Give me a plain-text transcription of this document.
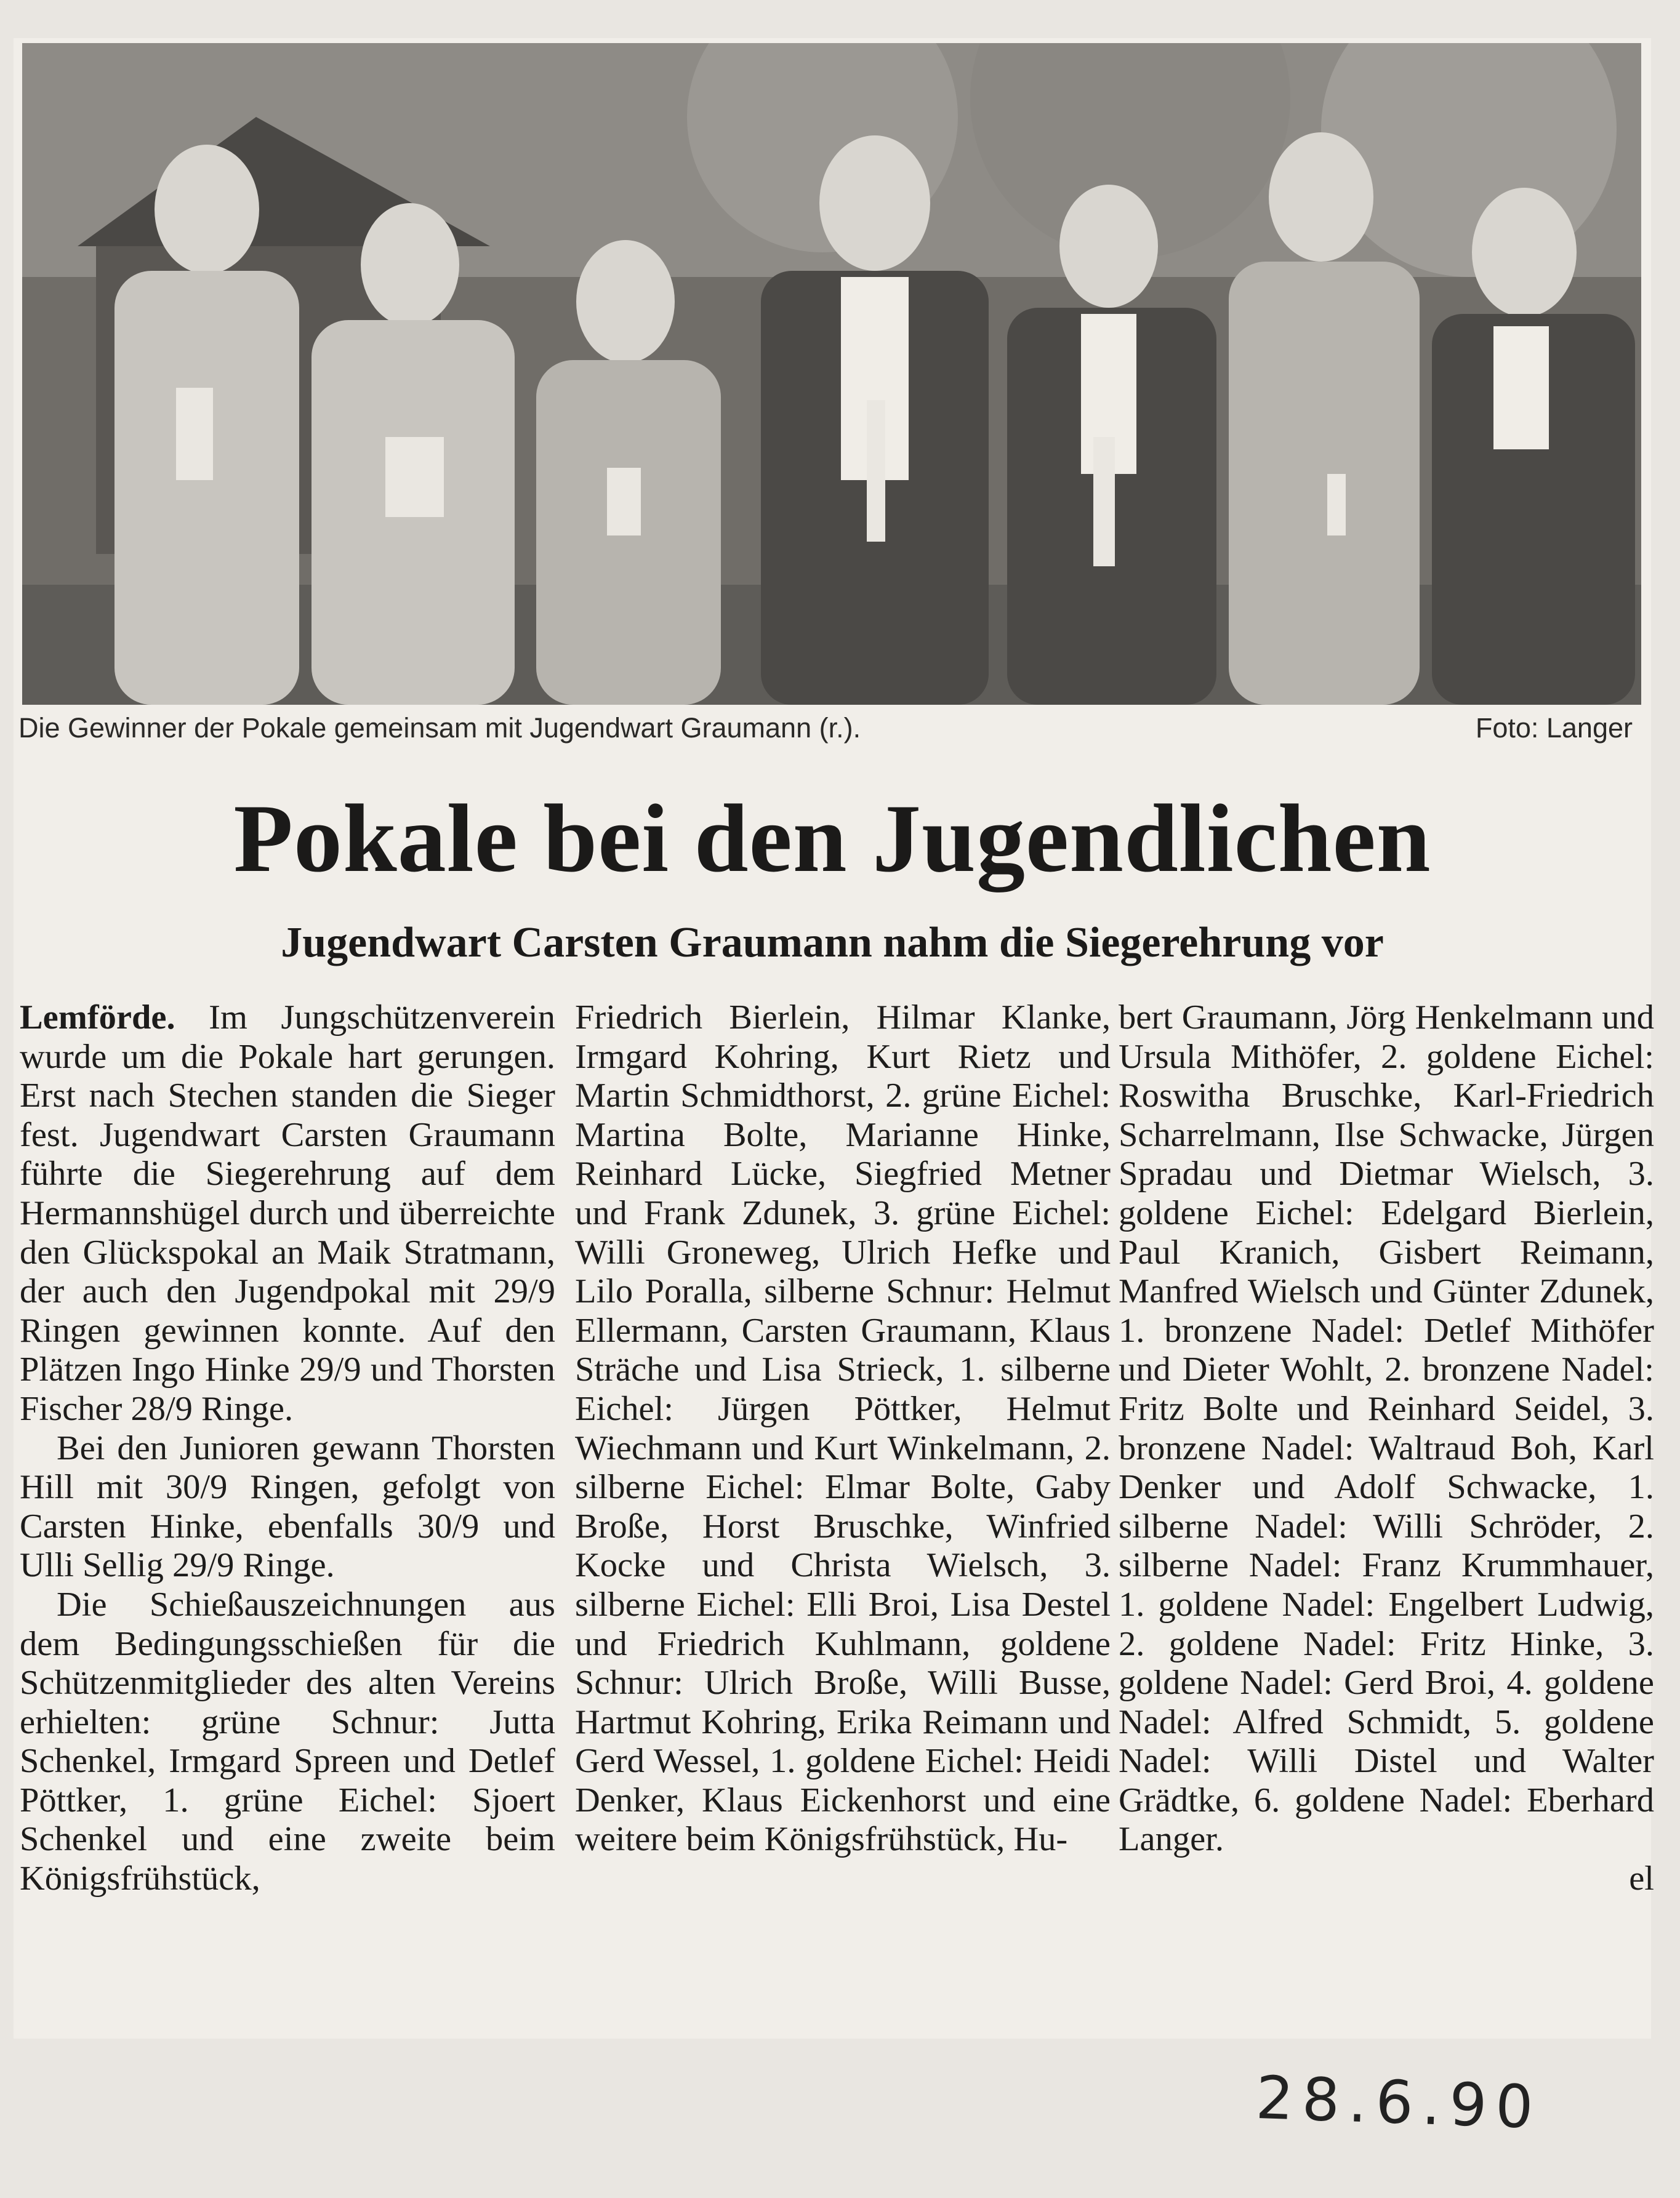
Die Gewinner der Pokale gemeinsam mit Jugendwart Graumann (r.).	Foto: Langer
Pokale bei den Jugendlichen
Jugendwart Carsten Graumann nahm die Siegerehrung vor

Lemförde. Im Jungschützenverein wurde um die Pokale hart gerungen. Erst nach Stechen standen die Sieger fest. Jugendwart Carsten Graumann führte die Siegerehrung auf dem Hermannshügel durch und überreichte den Glückspokal an Maik Stratmann, der auch den Jugendpokal mit 29/9 Ringen gewinnen konnte. Auf den Plätzen Ingo Hinke 29/9 und Thorsten Fischer 28/9 Ringe.

Bei den Junioren gewann Thorsten Hill mit 30/9 Ringen, gefolgt von Carsten Hinke, ebenfalls 30/9 und Ulli Sellig 29/9 Ringe.

Die Schießauszeichnungen aus dem Bedingungsschießen für die Schützenmitglieder des alten Vereins erhielten: grüne Schnur: Jutta Schenkel, Irmgard Spreen und Detlef Pöttker, 1. grüne Eichel: Sjoert Schenkel und eine zweite beim Königsfrühstück,

Friedrich Bierlein, Hilmar Klanke, Irmgard Kohring, Kurt Rietz und Martin Schmidthorst, 2. grüne Eichel: Martina Bolte, Marianne Hinke, Reinhard Lücke, Siegfried Metner und Frank Zdunek, 3. grüne Eichel: Willi Groneweg, Ulrich Hefke und Lilo Poralla, silberne Schnur: Helmut Ellermann, Carsten Graumann, Klaus Sträche und Lisa Strieck, 1. silberne Eichel: Jürgen Pöttker, Helmut Wiechmann und Kurt Winkelmann, 2. silberne Eichel: Elmar Bolte, Gaby Broße, Horst Bruschke, Winfried Kocke und Christa Wielsch, 3. silberne Eichel: Elli Broi, Lisa Destel und Friedrich Kuhlmann, goldene Schnur: Ulrich Broße, Willi Busse, Hartmut Kohring, Erika Reimann und Gerd Wessel, 1. goldene Eichel: Heidi Denker, Klaus Eickenhorst und eine weitere beim Königsfrühstück, Hu-

bert Graumann, Jörg Henkelmann und Ursula Mithöfer, 2. goldene Eichel: Roswitha Bruschke, Karl-Friedrich Scharrelmann, Ilse Schwacke, Jürgen Spradau und Dietmar Wielsch, 3. goldene Eichel: Edelgard Bierlein, Paul Kranich, Gisbert Reimann, Manfred Wielsch und Günter Zdunek, 1. bronzene Nadel: Detlef Mithöfer und Dieter Wohlt, 2. bronzene Nadel: Fritz Bolte und Reinhard Seidel, 3. bronzene Nadel: Waltraud Boh, Karl Denker und Adolf Schwacke, 1. silberne Nadel: Willi Schröder, 2. silberne Nadel: Franz Krummhauer, 1. goldene Nadel: Engelbert Ludwig, 2. goldene Nadel: Fritz Hinke, 3. goldene Nadel: Gerd Broi, 4. goldene Nadel: Alfred Schmidt, 5. goldene Nadel: Willi Distel und Walter Grädtke, 6. goldene Nadel: Eberhard Langer.

el

28.6.90
